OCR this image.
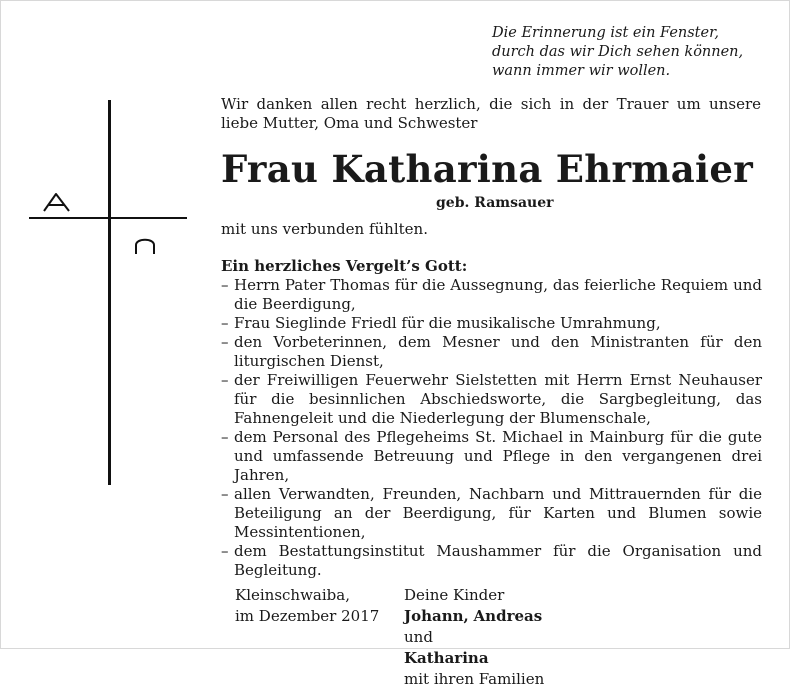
Die Erinnerung ist ein Fenster,
durch das wir Dich sehen können,
wann immer wir wollen.

Wir danken allen recht herzlich, die sich in der Trauer um unsere liebe Mutter, Oma und Schwester

Frau Katharina Ehrmaier
geb. Ramsauer
mit uns verbunden fühlten.
Ein herzliches Vergelt’s Gott:
– Herrn Pater Thomas für die Aussegnung, das feierliche Requiem und die Beerdigung,
– Frau Sieglinde Friedl für die musikalische Umrahmung,
– den Vorbeterinnen, dem Mesner und den Ministranten für den liturgischen Dienst,
– der Freiwilligen Feuerwehr Sielstetten mit Herrn Ernst Neuhauser für die besinnlichen Abschiedsworte, die Sargbegleitung, das Fahnengeleit und die Niederlegung der Blumenschale,
– dem Personal des Pflegeheims St. Michael in Mainburg für die gute und umfassende Betreuung und Pflege in den vergangenen drei Jahren,
– allen Verwandten, Freunden, Nachbarn und Mittrauernden für die Beteiligung an der Beerdigung, für Karten und Blumen sowie Messintentionen,
– dem Bestattungsinstitut Maushammer für die Organisation und Begleitung.
Kleinschwaiba,
im Dezember 2017
Deine Kinder
Johann, Andreas
und
Katharina
mit ihren Familien
